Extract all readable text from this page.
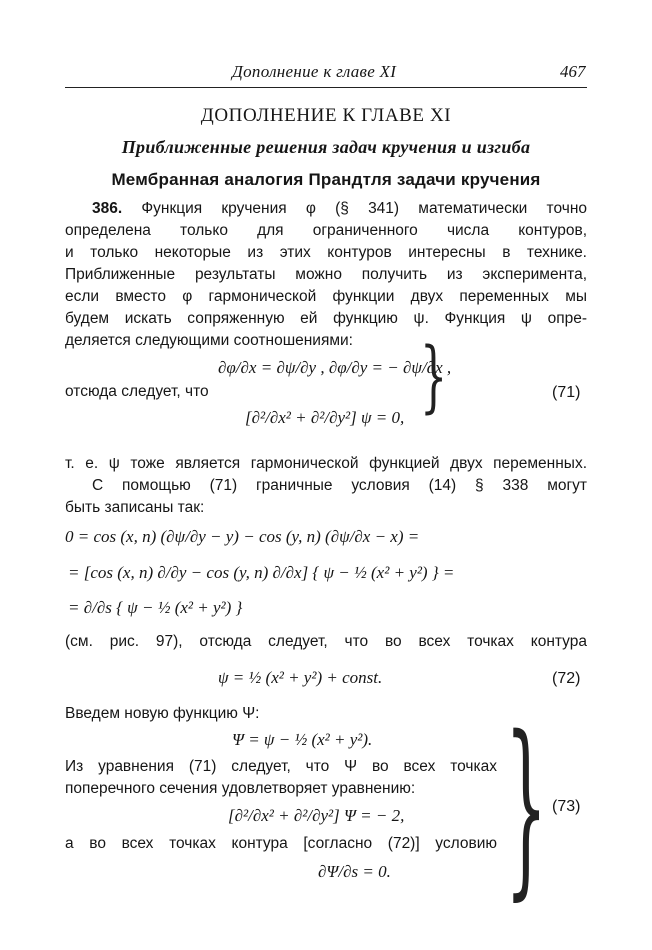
Дополнение к главе XI	467
ДОПОЛНЕНИЕ К ГЛАВЕ XI
Приближенные решения задач кручения и изгиба
Мембранная аналогия Прандтля задачи кручения
386. Функция кручения φ (§ 341) математически точно
определена только для ограниченного числа контуров,
и только некоторые из этих контуров интересны в технике.
Приближенные результаты можно получить из эксперимента,
если вместо φ гармонической функции двух переменных мы
будем искать сопряженную ей функцию ψ. Функция ψ опре-
деляется следующими соотношениями:
∂φ/∂x = ∂ψ/∂y , ∂φ/∂y = − ∂ψ/∂x ,
отсюда следует, что
[∂²/∂x² + ∂²/∂y²] ψ = 0, }	(71)
т. е. ψ тоже является гармонической функцией двух переменных.
С помощью (71) граничные условия (14) § 338 могут
быть записаны так:
0 = cos (x, n) (∂ψ/∂y − y) − cos (y, n) (∂ψ/∂x − x) =
= [cos (x, n) ∂/∂y − cos (y, n) ∂/∂x] { ψ − ½ (x² + y²) } =
= ∂/∂s { ψ − ½ (x² + y²) }
(см. рис. 97), отсюда следует, что во всех точках контура
ψ = ½ (x² + y²) + const.	(72)
Введем новую функцию Ψ:
Ψ = ψ − ½ (x² + y²).
Из уравнения (71) следует, что Ψ во всех точках
поперечного сечения удовлетворяет уравнению:
[∂²/∂x² + ∂²/∂y²] Ψ = − 2,
а во всех точках контура [согласно (72)] условию
∂Ψ/∂s = 0. } (73)
